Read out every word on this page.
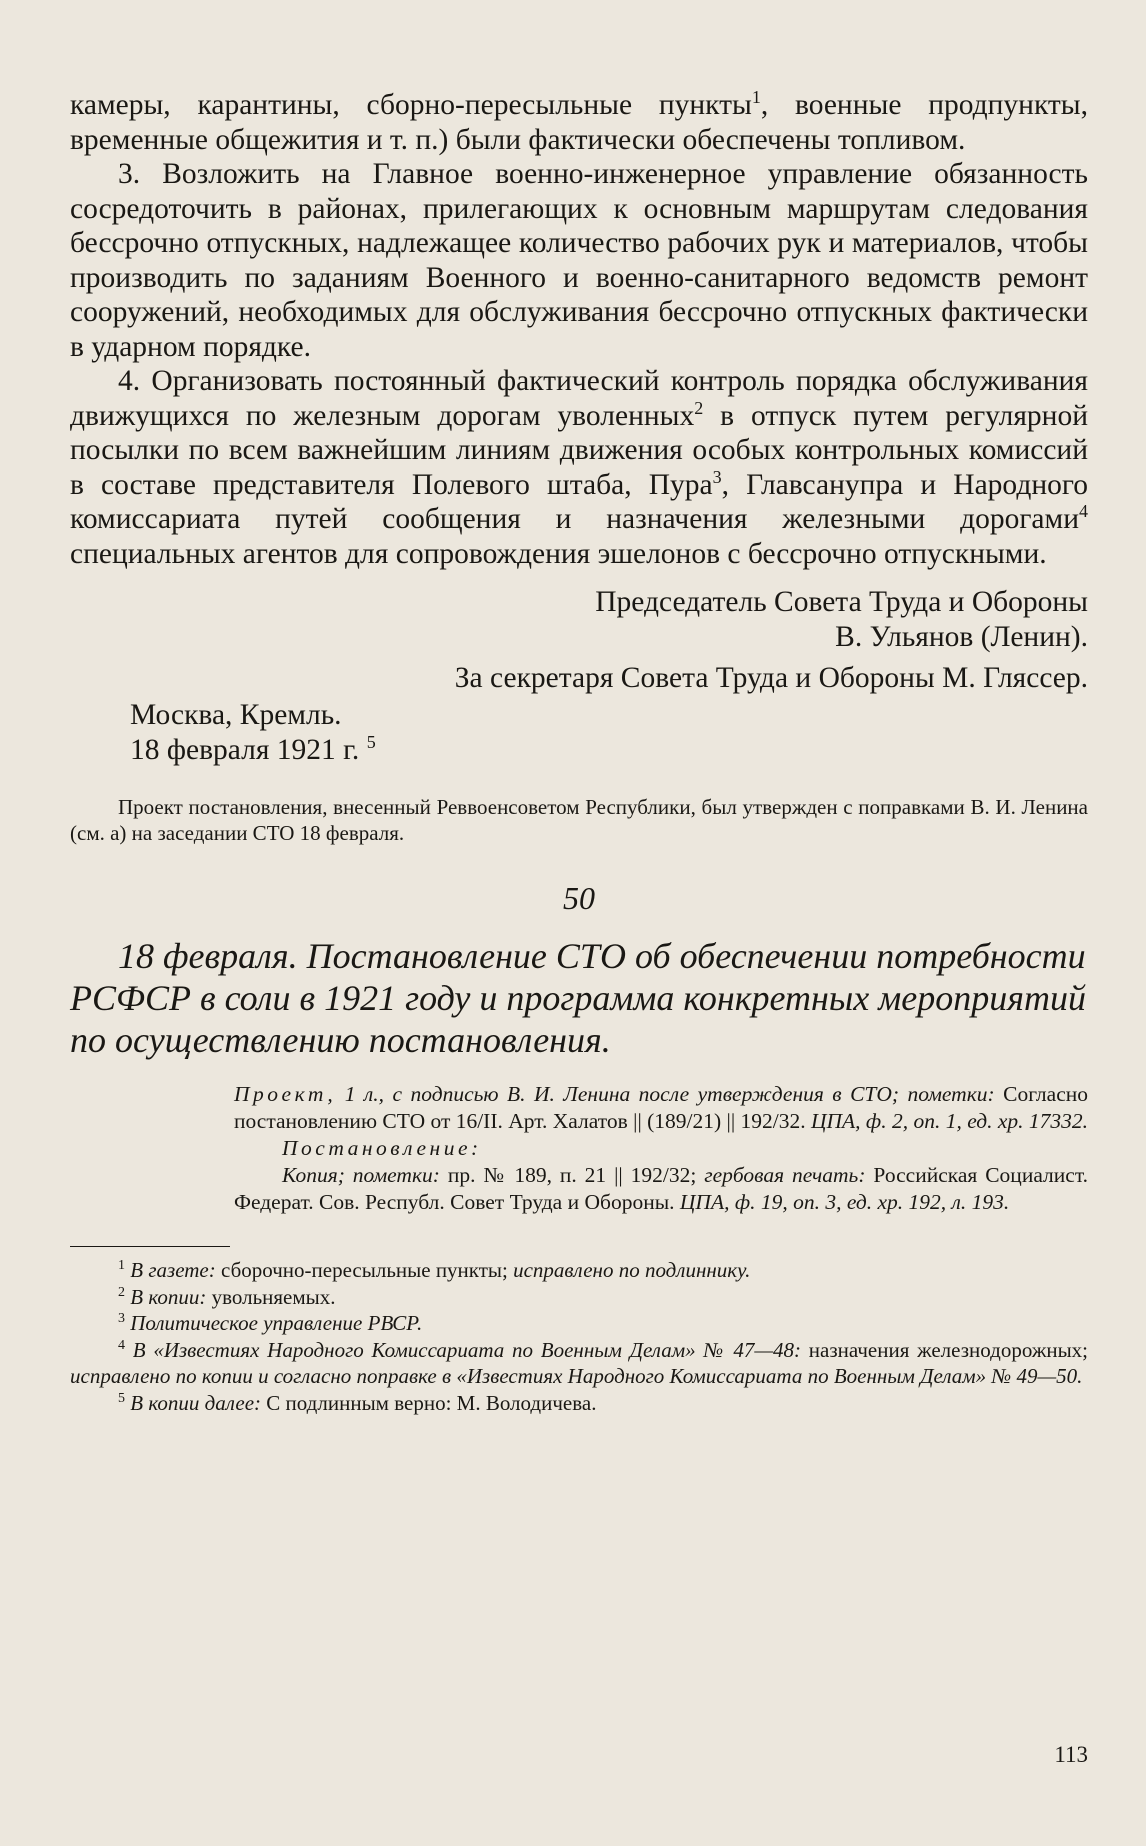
камеры, карантины, сборно-пересыльные пункты$^1$, военные продпункты, временные общежития и т. п.) были фактически обеспечены топливом.

3. Возложить на Главное военно-инженерное управление обязанность сосредоточить в районах, прилегающих к основным маршрутам следования бессрочно отпускных, надлежащее количество рабочих рук и материалов, чтобы производить по заданиям Военного и военно-санитарного ведомств ремонт сооружений, необходимых для обслуживания бессрочно отпускных фактически в ударном порядке.

4. Организовать постоянный фактический контроль порядка обслуживания движущихся по железным дорогам уволенных$^2$ в отпуск путем регулярной посылки по всем важнейшим линиям движения особых контрольных комиссий в составе представителя Полевого штаба, Пура$^3$, Главсанупра и Народного комиссариата путей сообщения и назначения железными дорогами$^4$ специальных агентов для сопровождения эшелонов с бессрочно отпускными.

Председатель Совета Труда и Обороны

В. Ульянов (Ленин).

За секретаря Совета Труда и Обороны М. Гляссер.

Москва, Кремль.

18 февраля 1921 г. $^5$

Проект постановления, внесенный Реввоенсоветом Республики, был утвержден с поправками В. И. Ленина (см. а) на заседании СТО 18 февраля.

50

18 февраля. Постановление СТО об обеспечении потребности РСФСР в соли в 1921 году и программа конкретных мероприятий по осуществлению постановления.

Проект, 1 л., с подписью В. И. Ленина после утверждения в СТО; пометки: Согласно постановлению СТО от 16/II. Арт. Халатов || (189/21) || 192/32. ЦПА, ф. 2, оп. 1, ед. хр. 17332.

Постановление:

Копия; пометки: пр. № 189, п. 21 || 192/32; гербовая печать: Российская Социалист. Федерат. Сов. Республ. Совет Труда и Обороны. ЦПА, ф. 19, оп. 3, ед. хр. 192, л. 193.

$^1$ В газете: сборочно-пересыльные пункты; исправлено по подлиннику.

$^2$ В копии: увольняемых.

$^3$ Политическое управление РВСР.

$^4$ В «Известиях Народного Комиссариата по Военным Делам» № 47—48: назначения железнодорожных; исправлено по копии и согласно поправке в «Известиях Народного Комиссариата по Военным Делам» № 49—50.

$^5$ В копии далее: С подлинным верно: М. Володичева.

113
